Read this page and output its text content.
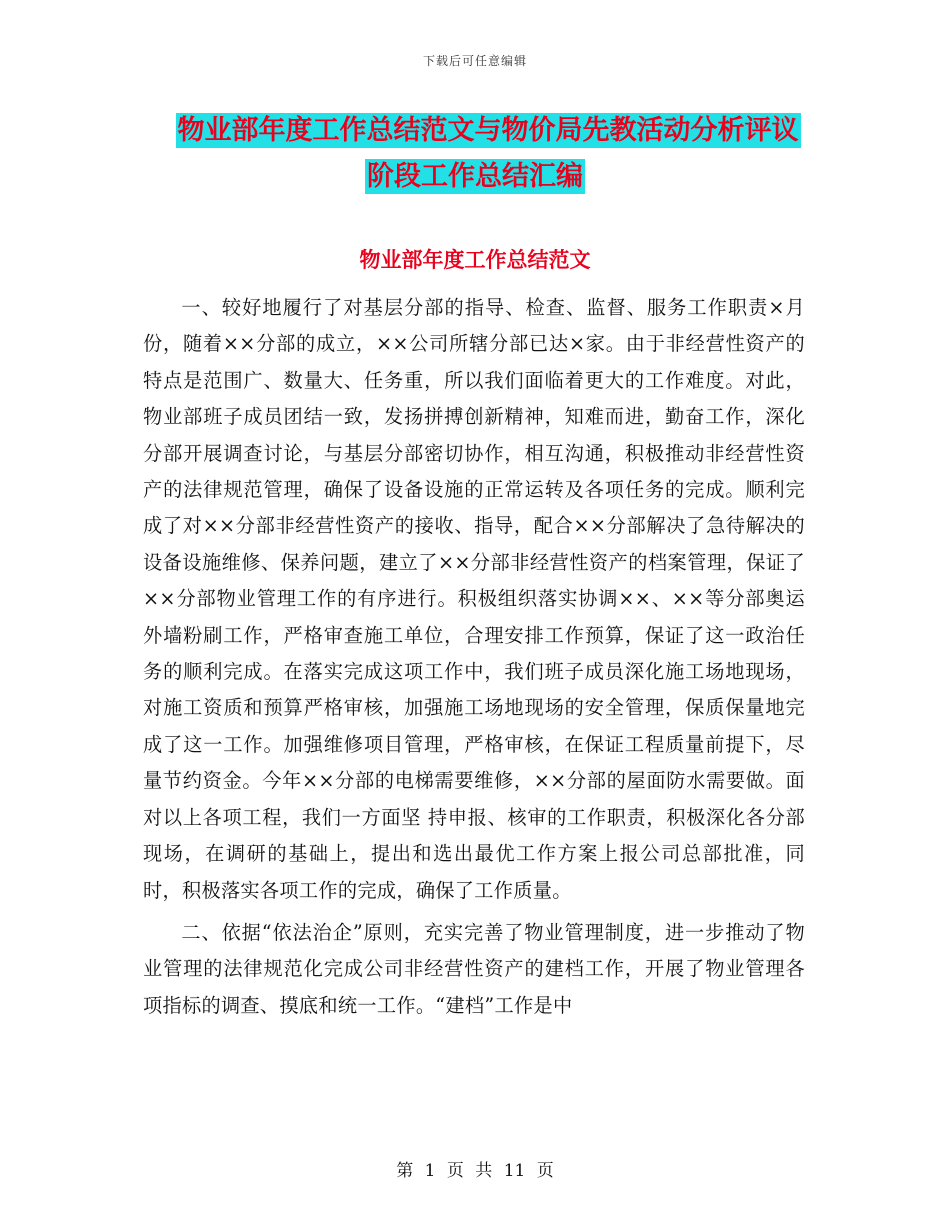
下载后可任意编辑
物业部年度工作总结范文与物价局先教活动分析评议
阶段工作总结汇编
物业部年度工作总结范文

一、较好地履行了对基层分部的指导、检查、监督、服务工作职责×月份，随着××分部的成立，××公司所辖分部已达×家。由于非经营性资产的特点是范围广、数量大、任务重，所以我们面临着更大的工作难度。对此，物业部班子成员团结一致，发扬拼搏创新精神，知难而进，勤奋工作，深化分部开展调查讨论，与基层分部密切协作，相互沟通，积极推动非经营性资产的法律规范管理，确保了设备设施的正常运转及各项任务的完成。顺利完成了对××分部非经营性资产的接收、指导，配合××分部解决了急待解决的设备设施维修、保养问题，建立了××分部非经营性资产的档案管理，保证了××分部物业管理工作的有序进行。积极组织落实协调××、××等分部奥运外墙粉刷工作，严格审查施工单位，合理安排工作预算，保证了这一政治任务的顺利完成。在落实完成这项工作中，我们班子成员深化施工场地现场，对施工资质和预算严格审核，加强施工场地现场的安全管理，保质保量地完成了这一工作。加强维修项目管理，严格审核，在保证工程质量前提下，尽量节约资金。今年××分部的电梯需要维修，××分部的屋面防水需要做。面对以上各项工程，我们一方面坚 持申报、核审的工作职责，积极深化各分部现场，在调研的基础上，提出和选出最优工作方案上报公司总部批准，同时，积极落实各项工作的完成，确保了工作质量。

二、依据“依法治企”原则，充实完善了物业管理制度，进一步推动了物业管理的法律规范化完成公司非经营性资产的建档工作，开展了物业管理各项指标的调查、摸底和统一工作。“建档”工作是中

第 1 页 共 11 页
